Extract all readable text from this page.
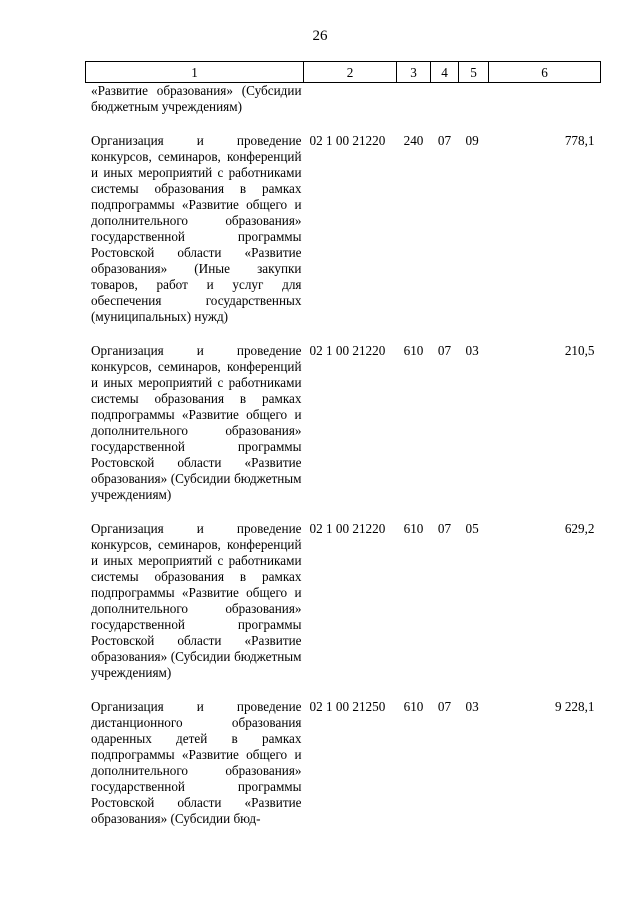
26
1	2	3	4	5	6
«Развитие образования» (Субсидии бюджетным учреждениям)					
Организация и проведение конкурсов, семинаров, конференций и иных мероприятий с работниками системы образования в рамках подпрограммы «Развитие общего и дополнительного образования» государственной программы Ростовской области «Развитие образования» (Иные закупки товаров, работ и услуг для обеспечения государственных (муниципальных) нужд)	02 1 00 21220	240	07	09	778,1
Организация и проведение конкурсов, семинаров, конференций и иных мероприятий с работниками системы образования в рамках подпрограммы «Развитие общего и дополнительного образования» государственной программы Ростовской области «Развитие образования» (Субсидии бюджетным учреждениям)	02 1 00 21220	610	07	03	210,5
Организация и проведение конкурсов, семинаров, конференций и иных мероприятий с работниками системы образования в рамках подпрограммы «Развитие общего и дополнительного образования» государственной программы Ростовской области «Развитие образования» (Субсидии бюджетным учреждениям)	02 1 00 21220	610	07	05	629,2
Организация и проведение дистанционного образования одаренных детей в рамках подпрограммы «Развитие общего и дополнительного образования» государственной программы Ростовской области «Развитие образования» (Субсидии бюд-	02 1 00 21250	610	07	03	9 228,1
